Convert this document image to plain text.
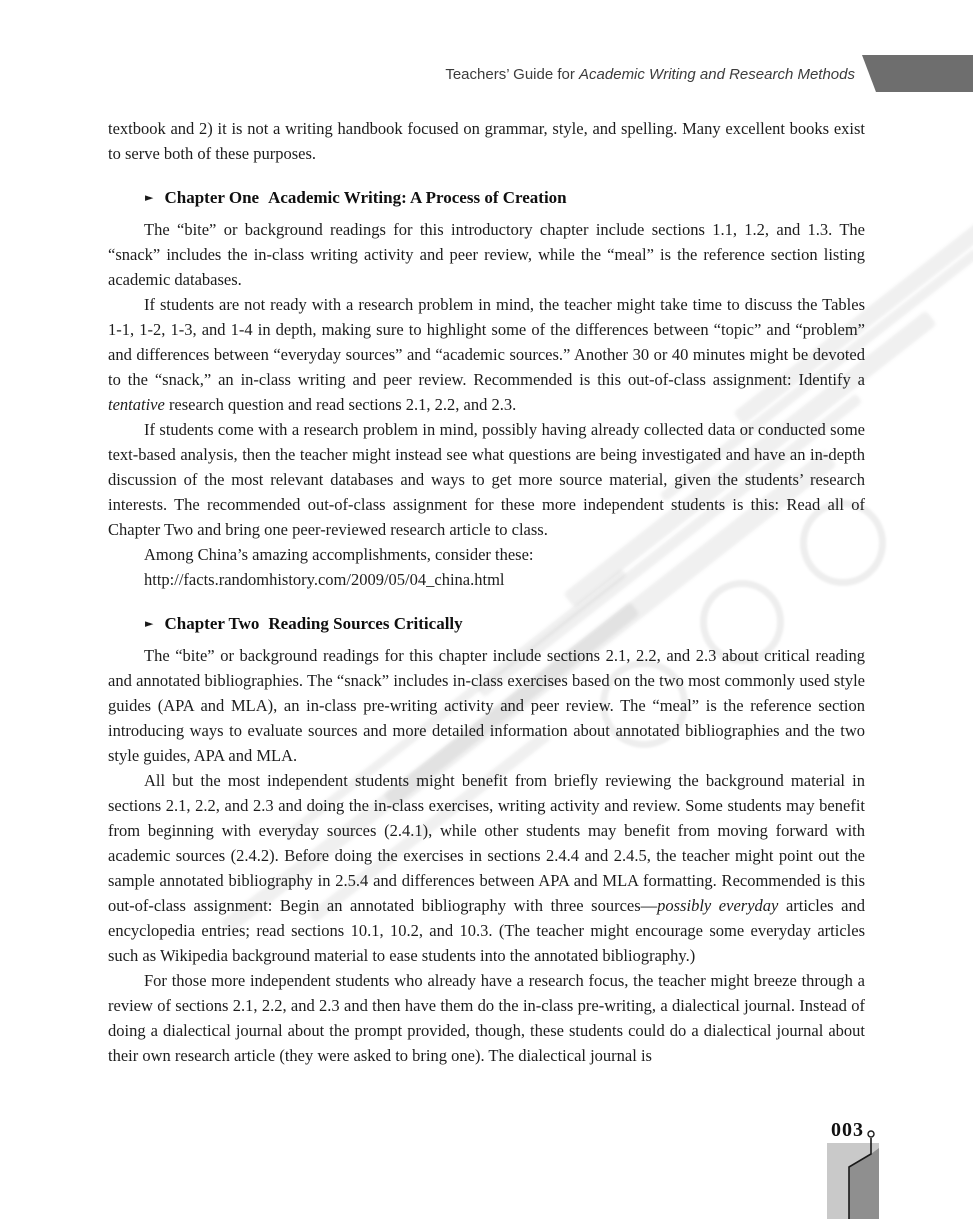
Teachers’ Guide for Academic Writing and Research Methods

textbook and 2) it is not a writing handbook focused on grammar, style, and spelling. Many excellent books exist to serve both of these purposes.

► Chapter One Academic Writing: A Process of Creation

The “bite” or background readings for this introductory chapter include sections 1.1, 1.2, and 1.3. The “snack” includes the in-class writing activity and peer review, while the “meal” is the reference section listing academic databases.

If students are not ready with a research problem in mind, the teacher might take time to discuss the Tables 1-1, 1-2, 1-3, and 1-4 in depth, making sure to highlight some of the differences between “topic” and “problem” and differences between “everyday sources” and “academic sources.” Another 30 or 40 minutes might be devoted to the “snack,” an in-class writing and peer review. Recommended is this out-of-class assignment: Identify a tentative research question and read sections 2.1, 2.2, and 2.3.

If students come with a research problem in mind, possibly having already collected data or conducted some text-based analysis, then the teacher might instead see what questions are being investigated and have an in-depth discussion of the most relevant databases and ways to get more source material, given the students’ research interests. The recommended out-of-class assignment for these more independent students is this: Read all of Chapter Two and bring one peer-reviewed research article to class.

Among China’s amazing accomplishments, consider these:

http://facts.randomhistory.com/2009/05/04_china.html

► Chapter Two Reading Sources Critically

The “bite” or background readings for this chapter include sections 2.1, 2.2, and 2.3 about critical reading and annotated bibliographies. The “snack” includes in-class exercises based on the two most commonly used style guides (APA and MLA), an in-class pre-writing activity and peer review. The “meal” is the reference section introducing ways to evaluate sources and more detailed information about annotated bibliographies and the two style guides, APA and MLA.

All but the most independent students might benefit from briefly reviewing the background material in sections 2.1, 2.2, and 2.3 and doing the in-class exercises, writing activity and review. Some students may benefit from beginning with everyday sources (2.4.1), while other students may benefit from moving forward with academic sources (2.4.2). Before doing the exercises in sections 2.4.4 and 2.4.5, the teacher might point out the sample annotated bibliography in 2.5.4 and differences between APA and MLA formatting. Recommended is this out-of-class assignment: Begin an annotated bibliography with three sources—possibly everyday articles and encyclopedia entries; read sections 10.1, 10.2, and 10.3. (The teacher might encourage some everyday articles such as Wikipedia background material to ease students into the annotated bibliography.)

For those more independent students who already have a research focus, the teacher might breeze through a review of sections 2.1, 2.2, and 2.3 and then have them do the in-class pre-writing, a dialectical journal. Instead of doing a dialectical journal about the prompt provided, though, these students could do a dialectical journal about their own research article (they were asked to bring one). The dialectical journal is

003
